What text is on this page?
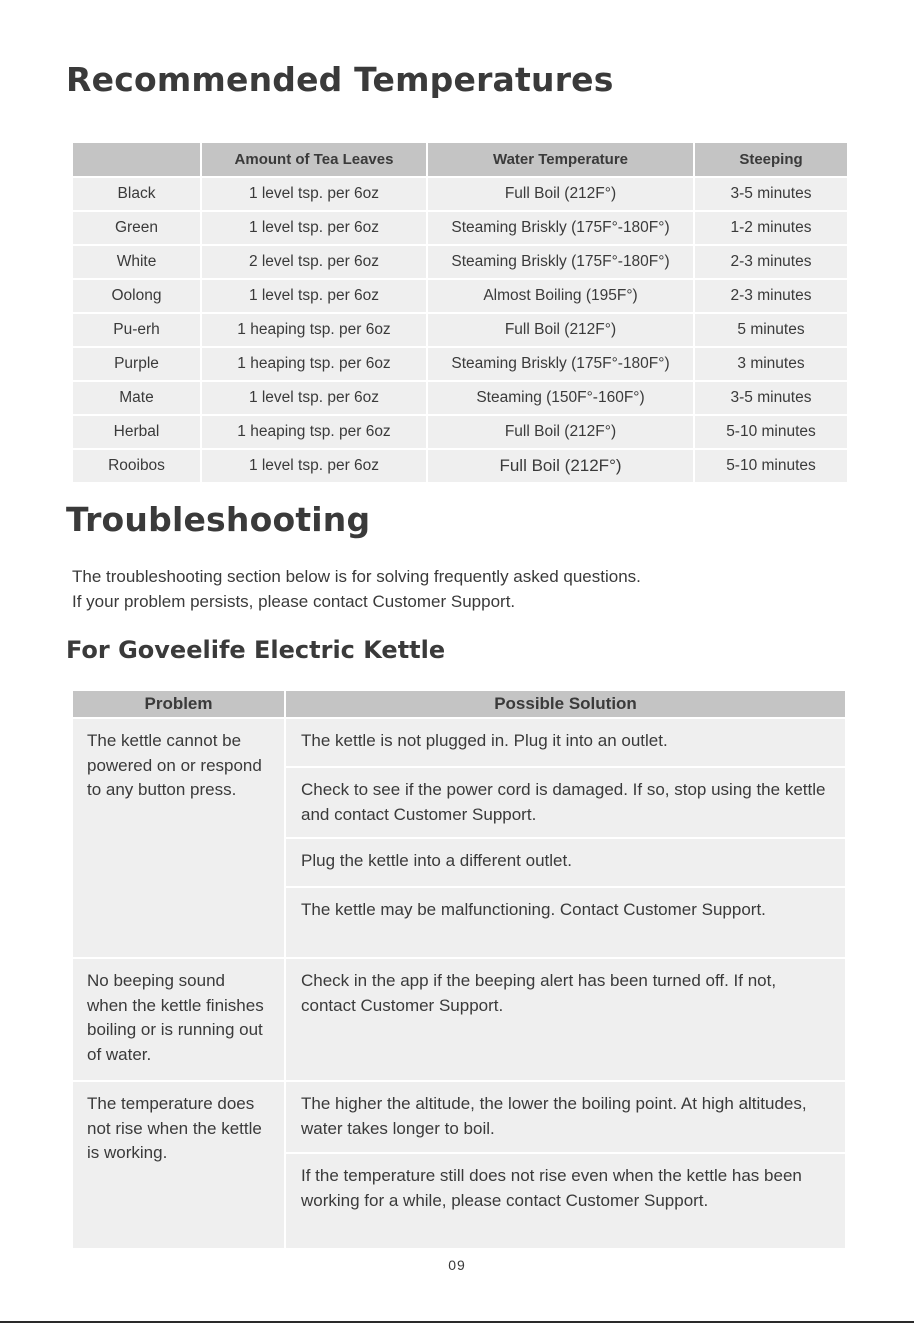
Recommended Temperatures
	Amount of Tea Leaves	Water Temperature	Steeping
Black	1 level tsp. per 6oz	Full Boil (212F°)	3-5 minutes
Green	1 level tsp. per 6oz	Steaming Briskly (175F°-180F°)	1-2 minutes
White	2 level tsp. per 6oz	Steaming Briskly (175F°-180F°)	2-3 minutes
Oolong	1 level tsp. per 6oz	Almost Boiling (195F°)	2-3 minutes
Pu-erh	1 heaping tsp. per 6oz	Full Boil (212F°)	5 minutes
Purple	1 heaping tsp. per 6oz	Steaming Briskly (175F°-180F°)	3 minutes
Mate	1 level tsp. per 6oz	Steaming (150F°-160F°)	3-5 minutes
Herbal	1 heaping tsp. per 6oz	Full Boil (212F°)	5-10 minutes
Rooibos	1 level tsp. per 6oz	Full Boil (212F°)	5-10 minutes
Troubleshooting
The troubleshooting section below is for solving frequently asked questions.
If your problem persists, please contact Customer Support.
For Goveelife Electric Kettle
Problem	Possible Solution
The kettle cannot be powered on or respond to any button press.	The kettle is not plugged in. Plug it into an outlet.
	Check to see if the power cord is damaged. If so, stop using the kettle and contact Customer Support.
	Plug the kettle into a different outlet.
	The kettle may be malfunctioning. Contact Customer Support.
No beeping sound when the kettle finishes boiling or is running out of water.	Check in the app if the beeping alert has been turned off. If not, contact Customer Support.
The temperature does not rise when the kettle is working.	The higher the altitude, the lower the boiling point. At high altitudes, water takes longer to boil.
	If the temperature still does not rise even when the kettle has been working for a while, please contact Customer Support.
09
